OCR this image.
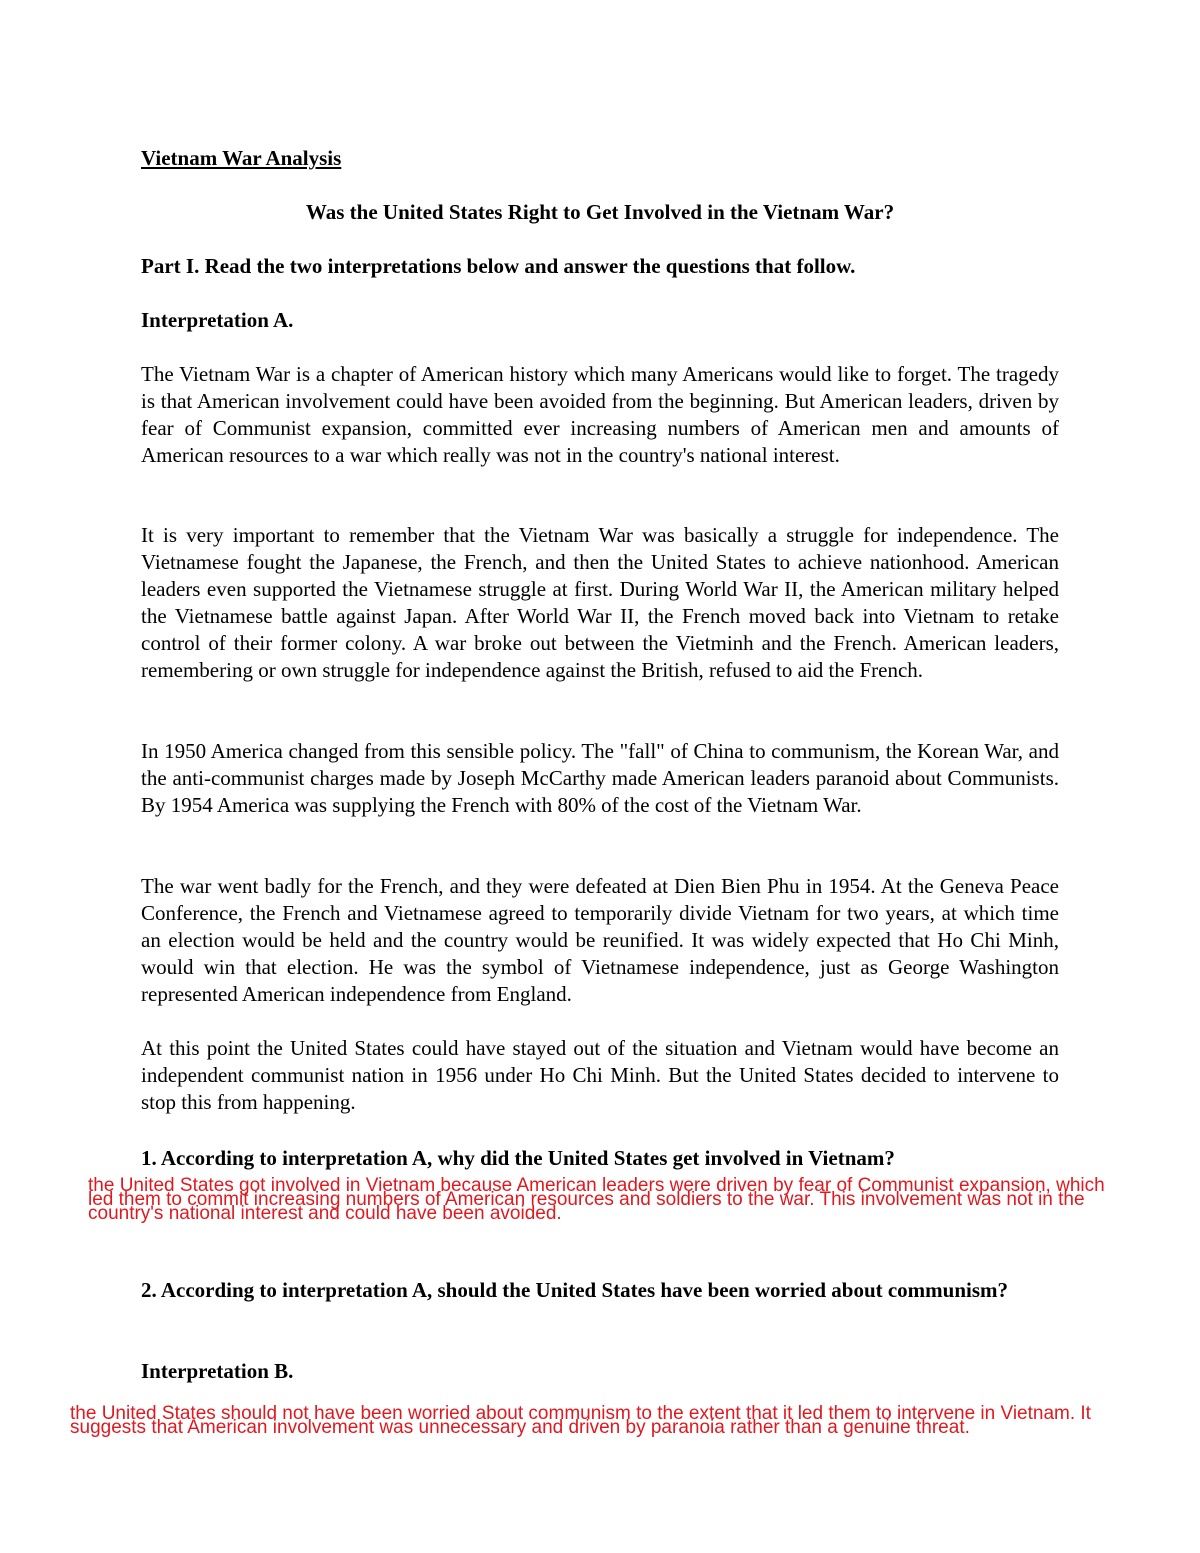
Vietnam War Analysis

Was the United States Right to Get Involved in the Vietnam War?

Part I. Read the two interpretations below and answer the questions that follow.

Interpretation A.

The Vietnam War is a chapter of American history which many Americans would like to forget. The tragedy is that American involvement could have been avoided from the beginning. But American leaders, driven by fear of Communist expansion, committed ever increasing numbers of American men and amounts of American resources to a war which really was not in the country's national interest.

It is very important to remember that the Vietnam War was basically a struggle for independence. The Vietnamese fought the Japanese, the French, and then the United States to achieve nationhood. American leaders even supported the Vietnamese struggle at first. During World War II, the American military helped the Vietnamese battle against Japan. After World War II, the French moved back into Vietnam to retake control of their former colony. A war broke out between the Vietminh and the French. American leaders, remembering or own struggle for independence against the British, refused to aid the French.

In 1950 America changed from this sensible policy. The "fall" of China to communism, the Korean War, and the anti-communist charges made by Joseph McCarthy made American leaders paranoid about Communists. By 1954 America was supplying the French with 80% of the cost of the Vietnam War.

The war went badly for the French, and they were defeated at Dien Bien Phu in 1954. At the Geneva Peace Conference, the French and Vietnamese agreed to temporarily divide Vietnam for two years, at which time an election would be held and the country would be reunified. It was widely expected that Ho Chi Minh, would win that election. He was the symbol of Vietnamese independence, just as George Washington represented American independence from England.

At this point the United States could have stayed out of the situation and Vietnam would have become an independent communist nation in 1956 under Ho Chi Minh. But the United States decided to intervene to stop this from happening.

1. According to interpretation A, why did the United States get involved in Vietnam?

the United States got involved in Vietnam because American leaders were driven by fear of Communist expansion, which led them to commit increasing numbers of American resources and soldiers to the war. This involvement was not in the country's national interest and could have been avoided.

2. According to interpretation A, should the United States have been worried about communism?

Interpretation B.

the United States should not have been worried about communism to the extent that it led them to intervene in Vietnam. It suggests that American involvement was unnecessary and driven by paranoia rather than a genuine threat.
